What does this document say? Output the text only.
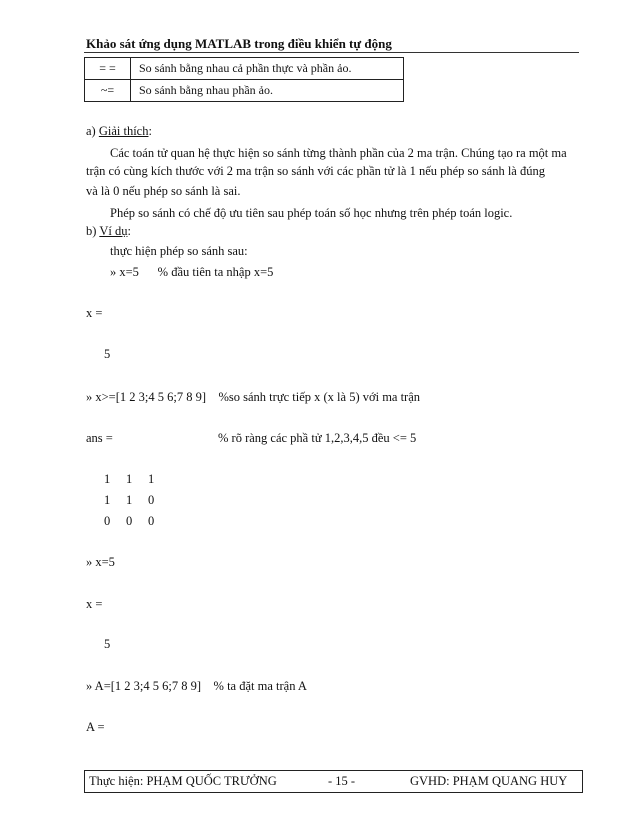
Khảo sát ứng dụng MATLAB trong điều khiển tự động
= =	So sánh bằng nhau cả phần thực và phần ảo.
~=	So sánh bằng nhau phần ảo.
a) Giải thích:
Các toán tử quan hệ thực hiện so sánh từng thành phần của 2 ma trận. Chúng tạo ra một ma
trận có cùng kích thước với 2 ma trận so sánh với các phần tử là 1 nếu phép so sánh là đúng
và là 0 nếu phép so sánh là sai.
Phép so sánh có chế độ ưu tiên sau phép toán số học nhưng trên phép toán logic.
b) Ví dụ:
thực hiện phép so sánh sau:
» x=5      % đầu tiên ta nhập x=5
x =
5
» x>=[1 2 3;4 5 6;7 8 9]    %so sánh trực tiếp x (x là 5) với ma trận
ans =	% rõ ràng các phầ tử 1,2,3,4,5 đều <= 5
1 1 1
1 1 0
0 0 0
» x=5
x =
5
» A=[1 2 3;4 5 6;7 8 9]    % ta đặt ma trận A
A =
Thực hiện: PHẠM QUỐC TRƯỞNG	- 15 -	GVHD: PHẠM QUANG HUY
